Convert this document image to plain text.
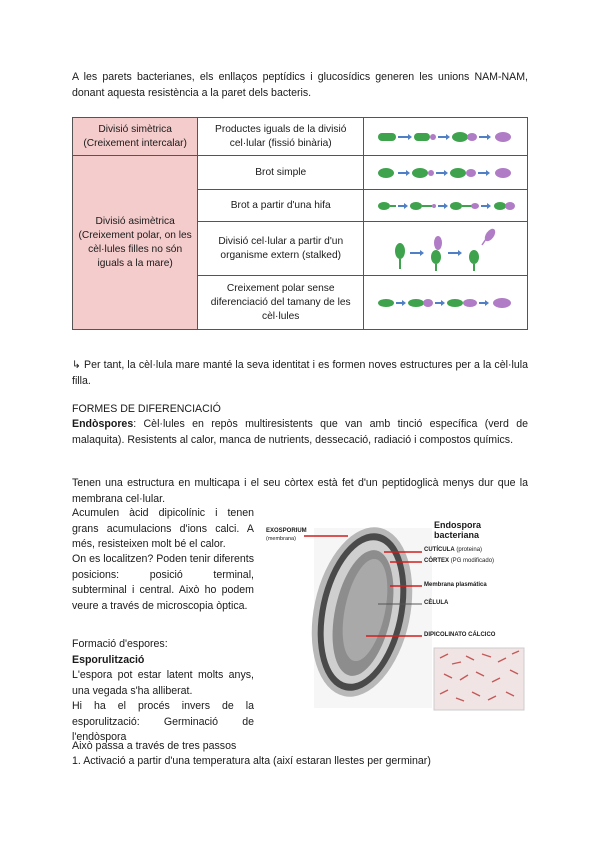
A les parets bacterianes, els enllaços peptídics i glucosídics generen les unions NAM-NAM, donant aquesta resistència a la paret dels bacteris.
Divisió simètrica (Creixement intercalar)	Productes iguals de la divisió cel·lular (fissió binària)	

Divisió asimètrica (Creixement polar, on les cèl·lules filles no són iguals a la mare)	Brot simple	

	Brot a partir d'una hifa	

	Divisió cel·lular a partir d'un organisme extern (stalked)	

	Creixement polar sense diferenciació del tamany de les cèl·lules	
↳ Per tant, la cèl·lula mare manté la seva identitat i es formen noves estructures per a la cèl·lula filla.
FORMES DE DIFERENCIACIÓ
Endòspores: Cèl·lules en repòs multiresistents que van amb tinció específica (verd de malaquita). Resistents al calor, manca de nutrients, dessecació, radiació i compostos químics.
Tenen una estructura en multicapa i el seu còrtex està fet d'un peptidoglicà menys dur que la membrana cel·lular.
Acumulen àcid dipicolínic i tenen grans acumulacions d'ions calci. A més, resisteixen molt bé el calor.
On es localitzen? Poden tenir diferents posicions: posició terminal, subterminal i central. Això ho podem veure a través de microscopia òptica.
Formació d'espores:
Esporulització
L'espora pot estar latent molts anys, una vegada s'ha alliberat.
Hi ha el procés invers de la esporulització: Germinació de l'endòspora
Això passa a través de tres passos
1. Activació a partir d'una temperatura alta (així estaran llestes per germinar)
Endospora bacteriana
EXOSPORIUM
(membrana)
CUTÍCULA (proteina)
CÒRTEX (PG modificado)
Membrana plasmática
CÈLULA
DIPICOLINATO CÁLCICO
